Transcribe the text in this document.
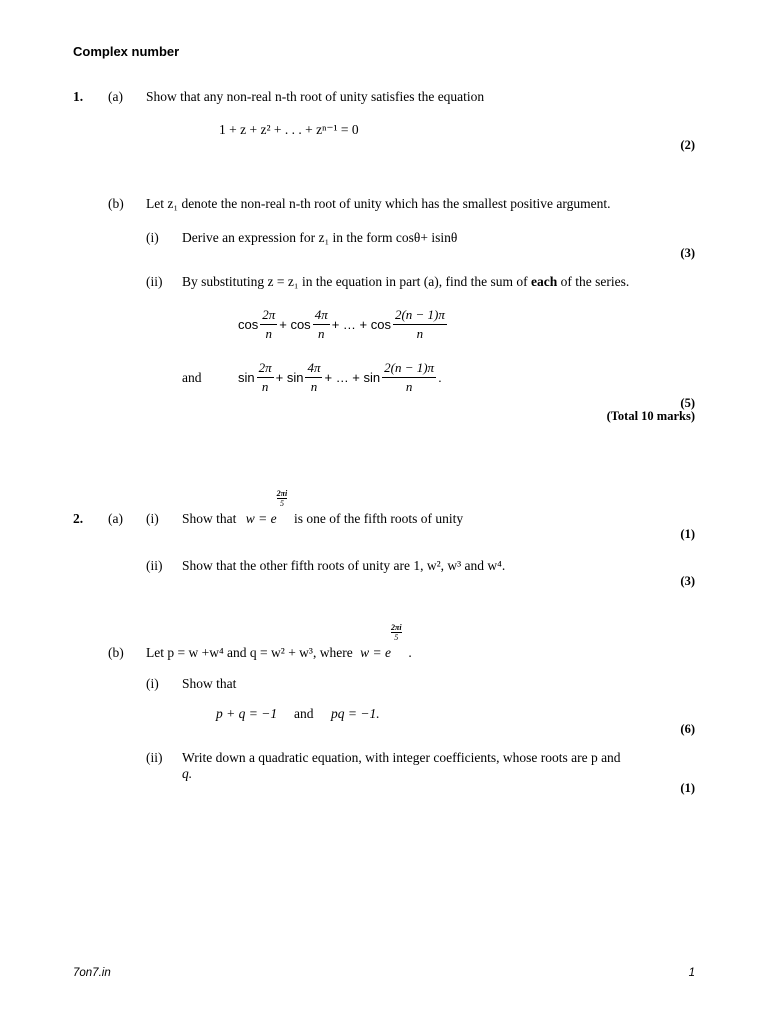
Complex number
1. (a) Show that any non-real n-th root of unity satisfies the equation
1 + z + z² + . . . + zⁿ⁻¹ = 0
(2)
(b) Let z₁ denote the non-real n-th root of unity which has the smallest positive argument.
(i) Derive an expression for z₁ in the form cosθ+ isinθ
(3)
(ii) By substituting z = z₁ in the equation in part (a), find the sum of each of the series.
$\cos \frac{2\pi}{n} + \cos \frac{4\pi}{n}$ + … + $\cos \frac{2(n - 1)\pi}{n}$
and	$\sin \frac{2\pi}{n} + \sin \frac{4\pi}{n}$ + … + $\sin \frac{2(n - 1)\pi}{n}$ .
(5)
(Total 10 marks)
2. (a) (i) Show that w = e
$\frac{2\pi i}{5}$
is one of the fifth roots of unity
(1)
(ii) Show that the other fifth roots of unity are 1, w², w³ and w⁴.
(3)
(b) Let p = w +w⁴ and q = w² + w³, where w = e
$\frac{2\pi i}{5}$
.
(i) Show that
p + q = −1 and pq = −1.
(6)
(ii) Write down a quadratic equation, with integer coefficients, whose roots are p and
q.
(1)
7on7.in	1
